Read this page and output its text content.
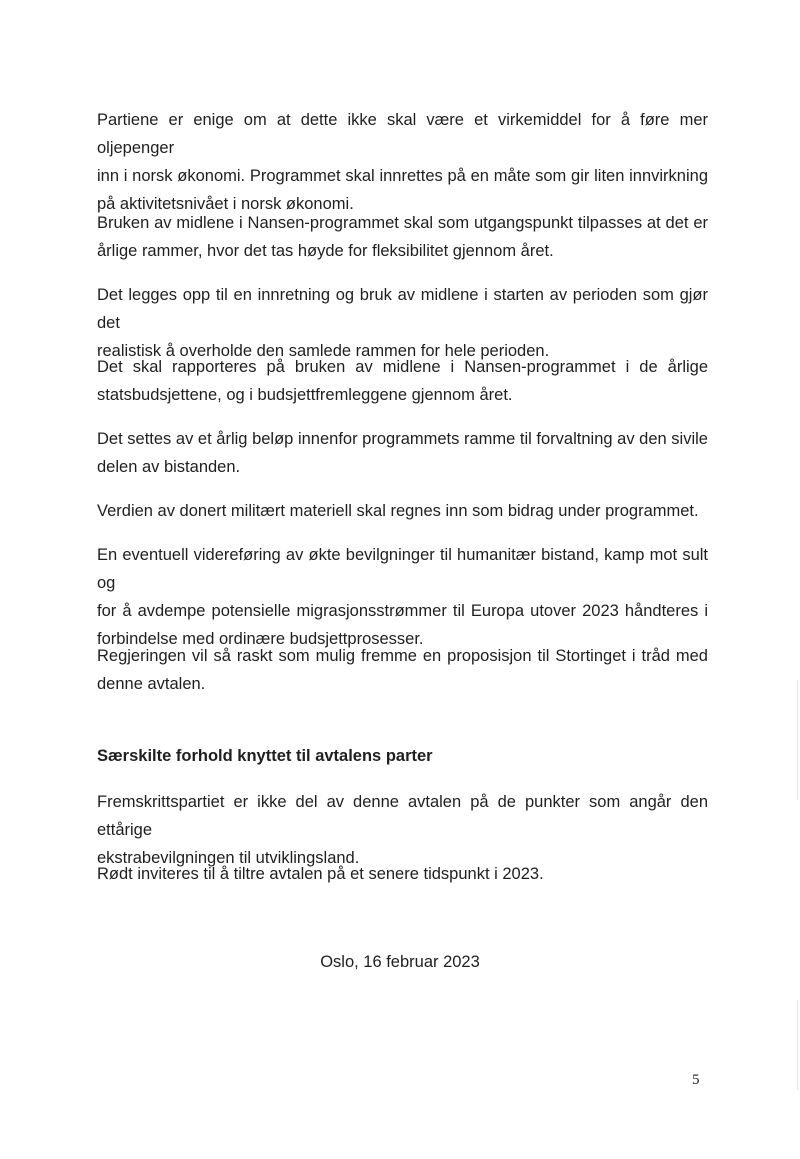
Partiene er enige om at dette ikke skal være et virkemiddel for å føre mer oljepenger
inn i norsk økonomi. Programmet skal innrettes på en måte som gir liten innvirkning
på aktivitetsnivået i norsk økonomi.

Bruken av midlene i Nansen-programmet skal som utgangspunkt tilpasses at det er
årlige rammer, hvor det tas høyde for fleksibilitet gjennom året.

Det legges opp til en innretning og bruk av midlene i starten av perioden som gjør det
realistisk å overholde den samlede rammen for hele perioden.

Det skal rapporteres på bruken av midlene i Nansen-programmet i de årlige
statsbudsjettene, og i budsjettfremleggene gjennom året.

Det settes av et årlig beløp innenfor programmets ramme til forvaltning av den sivile
delen av bistanden.

Verdien av donert militært materiell skal regnes inn som bidrag under programmet.

En eventuell videreføring av økte bevilgninger til humanitær bistand, kamp mot sult og
for å avdempe potensielle migrasjonsstrømmer til Europa utover 2023 håndteres i
forbindelse med ordinære budsjettprosesser.

Regjeringen vil så raskt som mulig fremme en proposisjon til Stortinget i tråd med
denne avtalen.

Særskilte forhold knyttet til avtalens parter

Fremskrittspartiet er ikke del av denne avtalen på de punkter som angår den ettårige
ekstrabevilgningen til utviklingsland.

Rødt inviteres til å tiltre avtalen på et senere tidspunkt i 2023.

Oslo, 16 februar 2023

5
